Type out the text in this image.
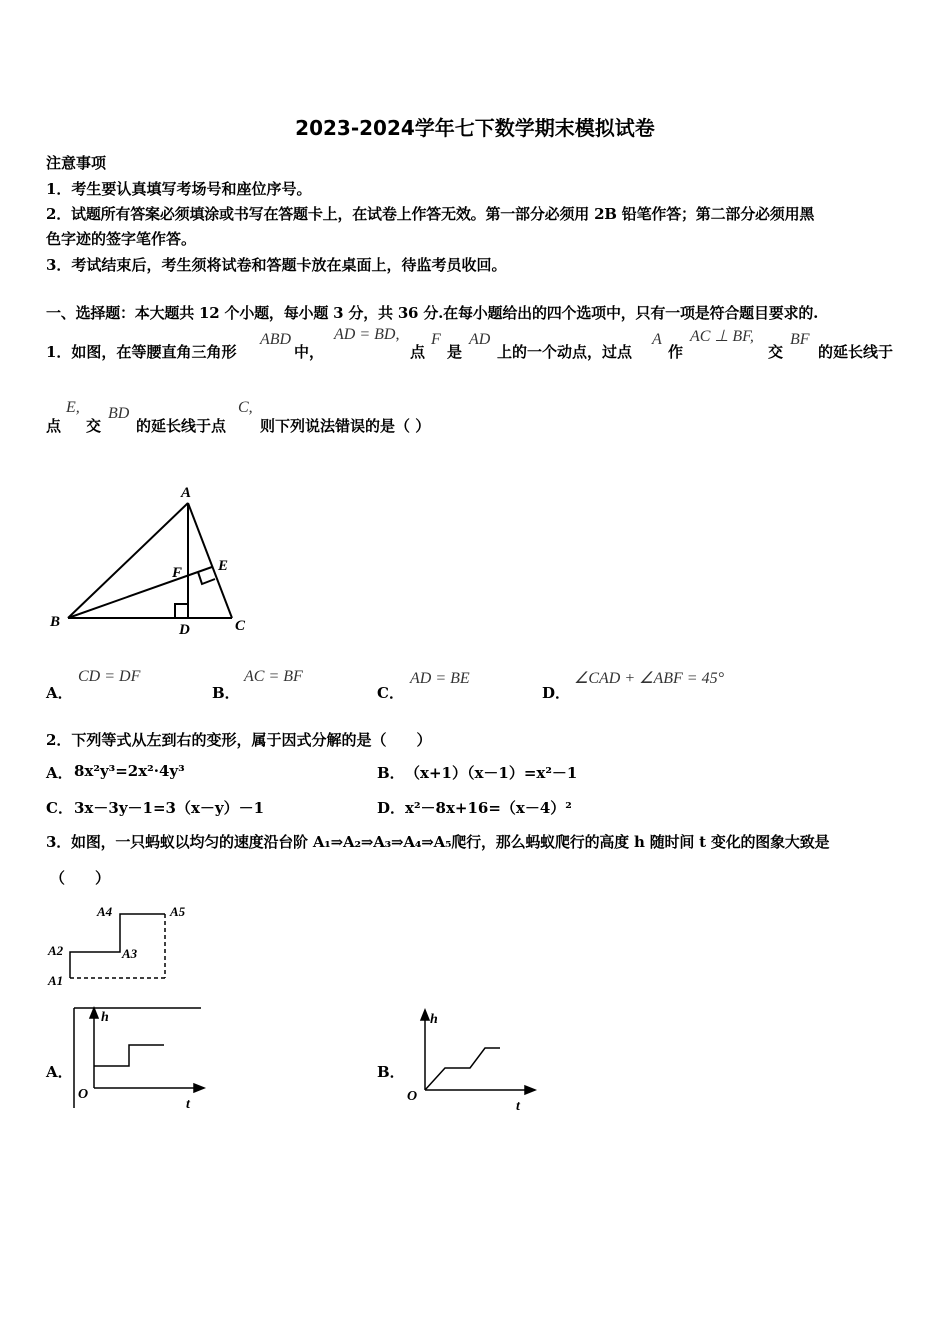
2023-2024学年七下数学期末模拟试卷
注意事项
1．考生要认真填写考场号和座位序号。
2．试题所有答案必须填涂或书写在答题卡上，在试卷上作答无效。第一部分必须用 2B 铅笔作答；第二部分必须用黑
色字迹的签字笔作答。
3．考试结束后，考生须将试卷和答题卡放在桌面上，待监考员收回。
一、选择题：本大题共 12 个小题，每小题 3 分，共 36 分.在每小题给出的四个选项中，只有一项是符合题目要求的.
1．如图，在等腰直角三角形
ABD
中，
AD = BD,
点
F
是
AD
上的一个动点，过点
A
作
AC ⊥ BF,
交
BF
的延长线于
点
E,
交
BD
的延长线于点
C,
则下列说法错误的是（ ）
A
B	C
D
E
F
A．
CD = DF
B．
AC = BF
C．
AD = BE
D．
∠CAD + ∠ABF = 45°
2．下列等式从左到右的变形，属于因式分解的是（　　）
A． 8x²y³=2x²·4y³	B． （x+1）（x－1）=x²－1
C． 3x－3y－1=3（x－y）－1	D． x²－8x+16=（x－4）²
3．如图，一只蚂蚁以均匀的速度沿台阶 A₁⇒A₂⇒A₃⇒A₄⇒A₅爬行，那么蚂蚁爬行的高度 h 随时间 t 变化的图象大致是
（　　）
A4	A5
A2	A3
A1
A．
h
t
O
B．
h
t
O
